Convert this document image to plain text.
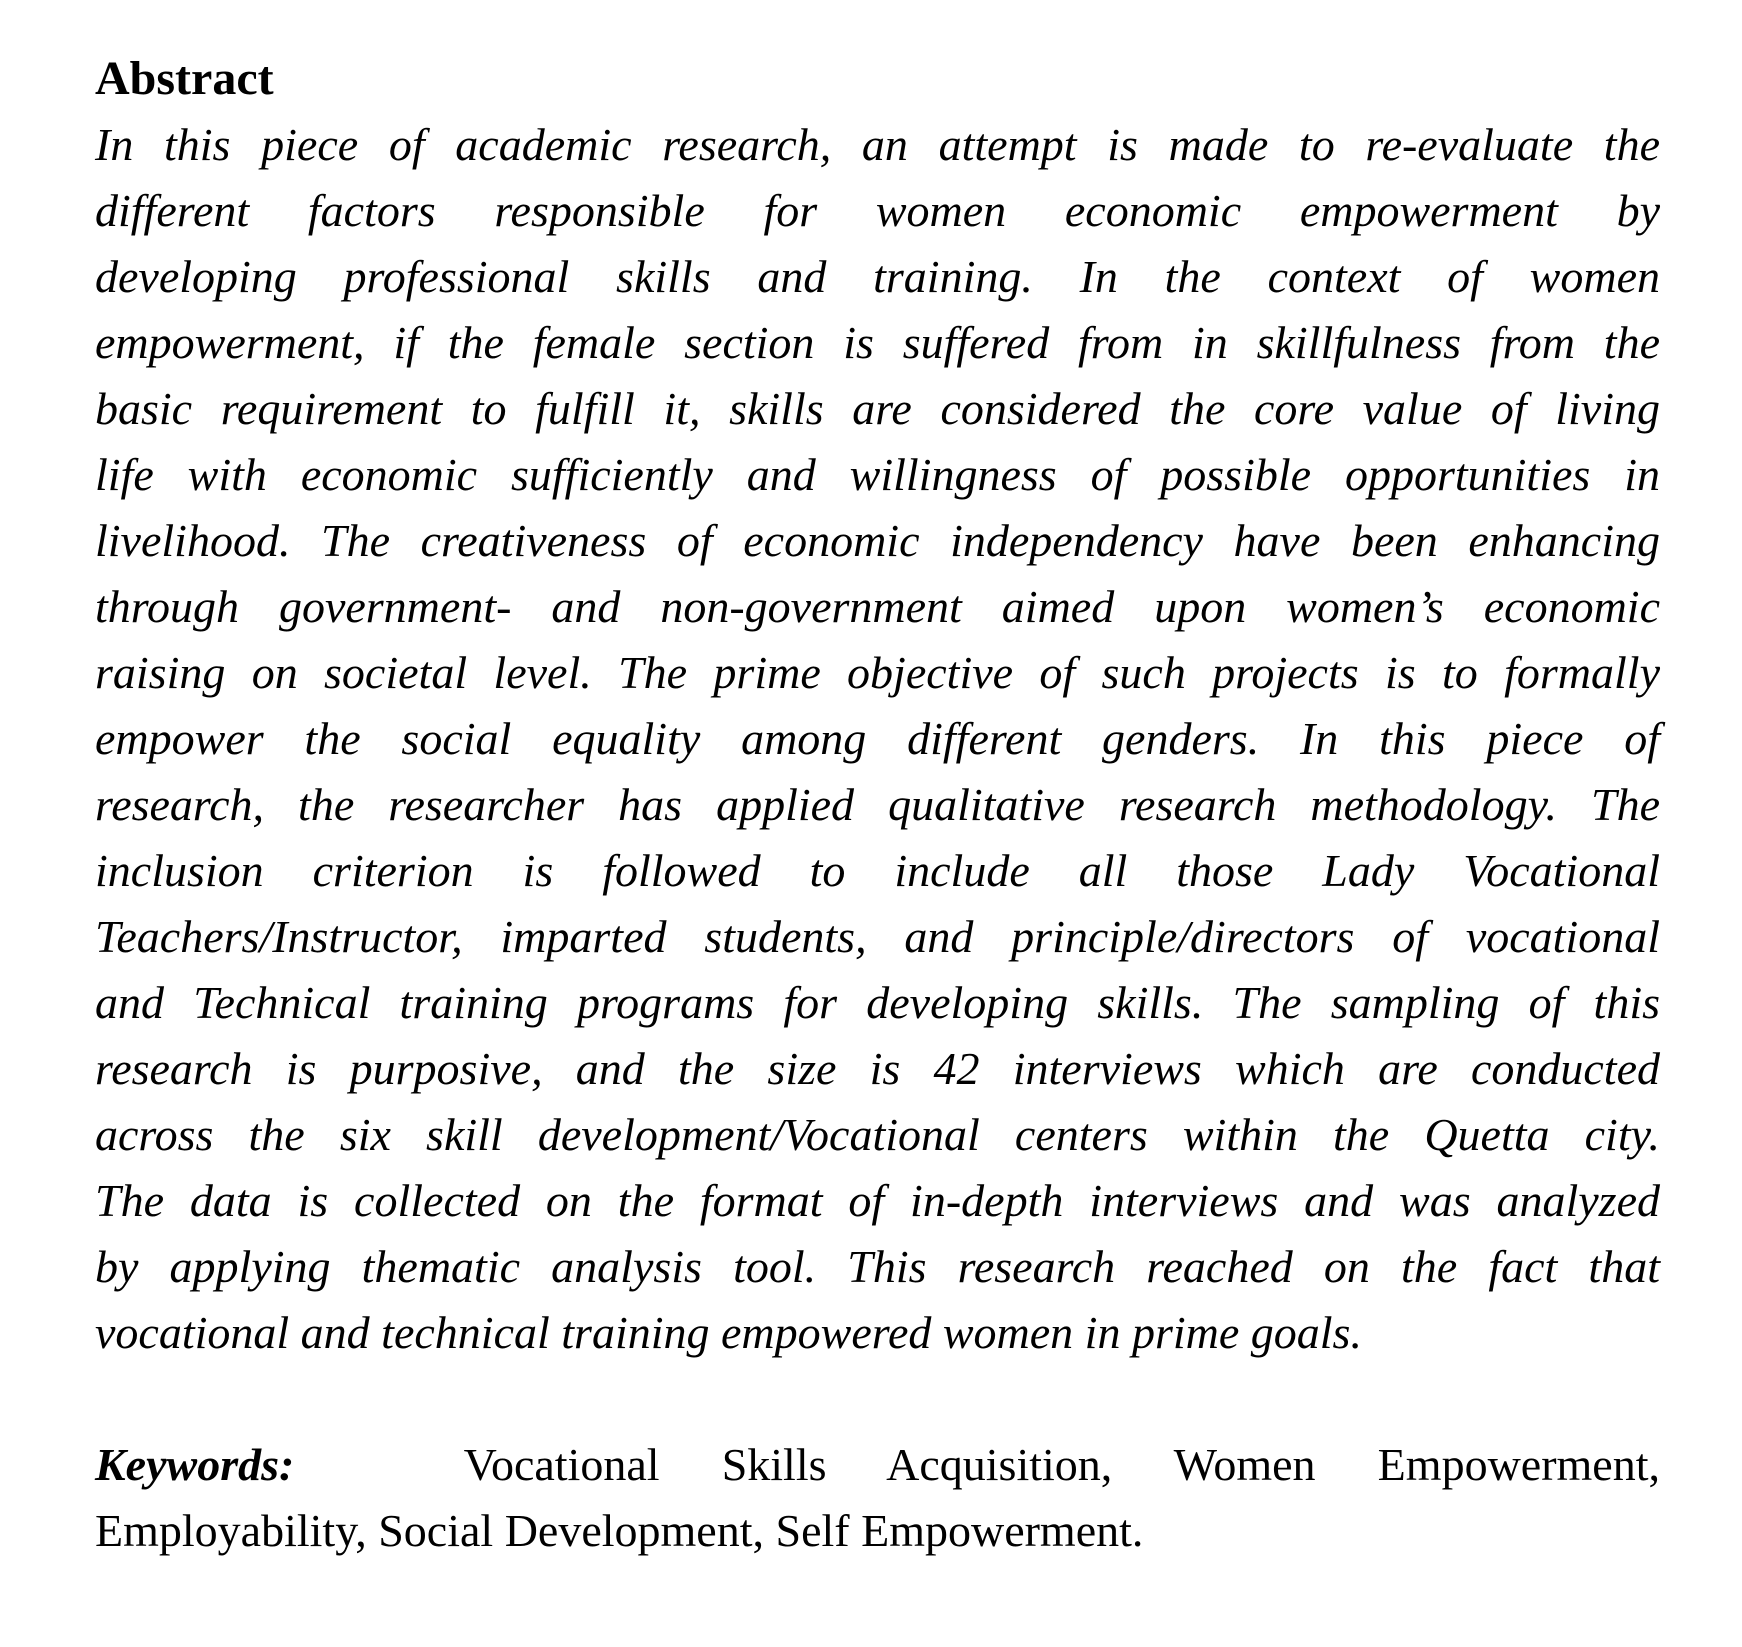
Abstract
In this piece of academic research, an attempt is made to re-evaluate the
different factors responsible for women economic empowerment by
developing professional skills and training. In the context of women
empowerment, if the female section is suffered from in skillfulness from the
basic requirement to fulfill it, skills are considered the core value of living
life with economic sufficiently and willingness of possible opportunities in
livelihood. The creativeness of economic independency have been enhancing
through government- and non-government aimed upon women’s economic
raising on societal level. The prime objective of such projects is to formally
empower the social equality among different genders. In this piece of
research, the researcher has applied qualitative research methodology. The
inclusion criterion is followed to include all those Lady Vocational
Teachers/Instructor, imparted students, and principle/directors of vocational
and Technical training programs for developing skills. The sampling of this
research is purposive, and the size is 42 interviews which are conducted
across the six skill development/Vocational centers within the Quetta city.
The data is collected on the format of in-depth interviews and was analyzed
by applying thematic analysis tool. This research reached on the fact that
vocational and technical training empowered women in prime goals.
Keywords:	Vocational Skills Acquisition, Women Empowerment,
Employability, Social Development, Self Empowerment.
